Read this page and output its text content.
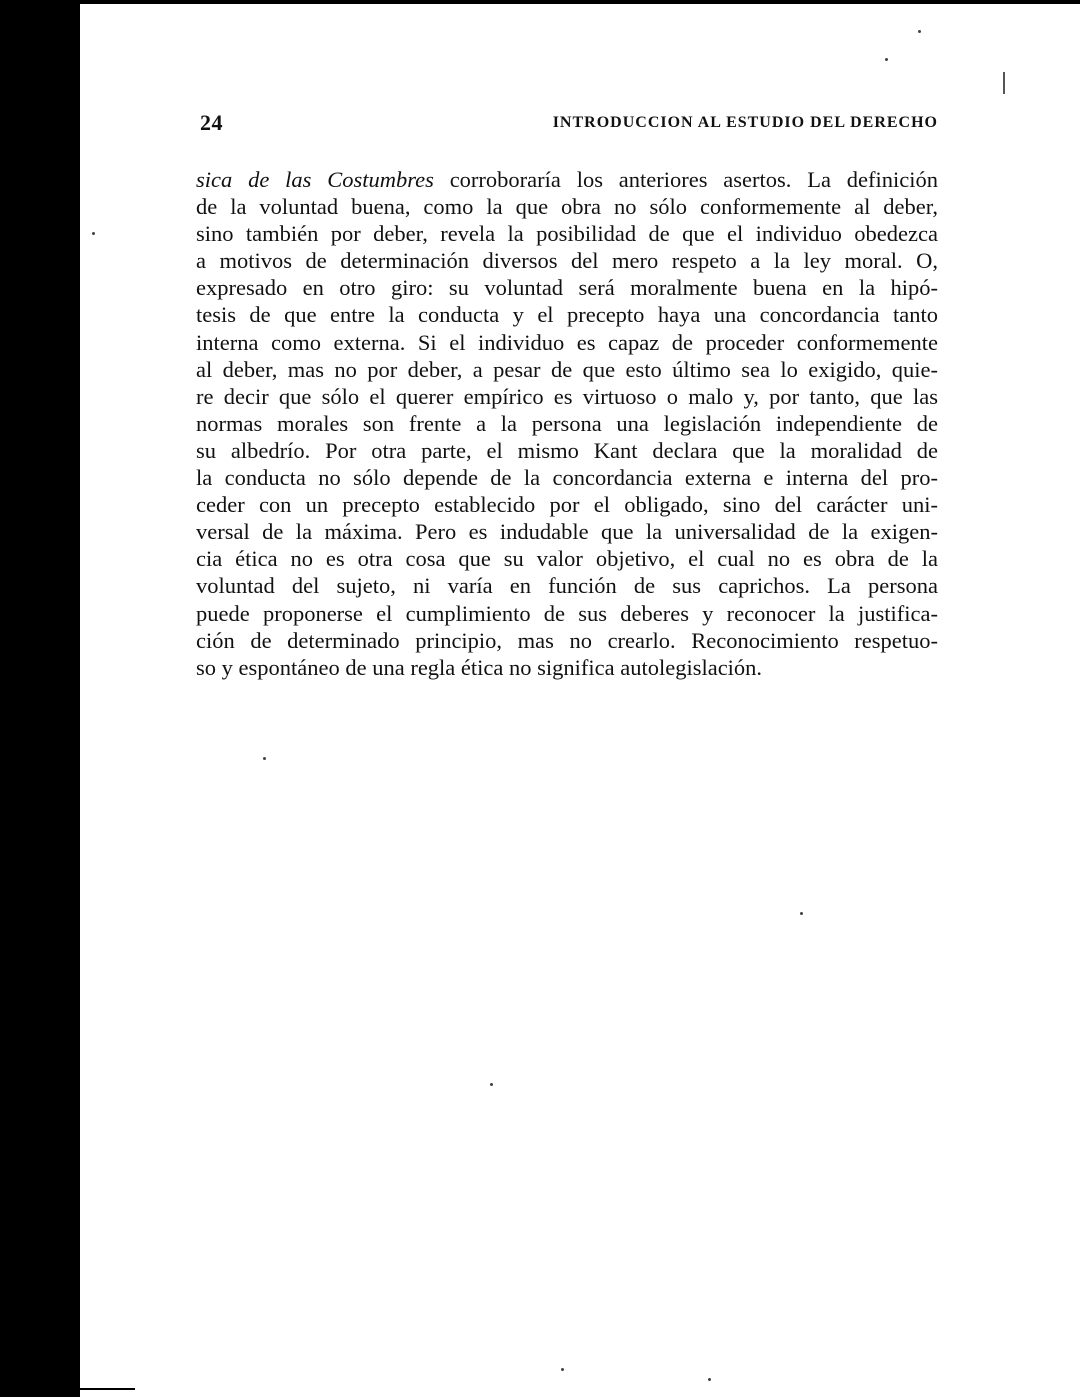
24	INTRODUCCION AL ESTUDIO DEL DERECHO
sica de las Costumbres corroboraría los anteriores asertos. La definición
de la voluntad buena, como la que obra no sólo conformemente al deber,
sino también por deber, revela la posibilidad de que el individuo obedezca
a motivos de determinación diversos del mero respeto a la ley moral. O,
expresado en otro giro: su voluntad será moralmente buena en la hipó-
tesis de que entre la conducta y el precepto haya una concordancia tanto
interna como externa. Si el individuo es capaz de proceder conformemente
al deber, mas no por deber, a pesar de que esto último sea lo exigido, quie-
re decir que sólo el querer empírico es virtuoso o malo y, por tanto, que las
normas morales son frente a la persona una legislación independiente de
su albedrío. Por otra parte, el mismo Kant declara que la moralidad de
la conducta no sólo depende de la concordancia externa e interna del pro-
ceder con un precepto establecido por el obligado, sino del carácter uni-
versal de la máxima. Pero es indudable que la universalidad de la exigen-
cia ética no es otra cosa que su valor objetivo, el cual no es obra de la
voluntad del sujeto, ni varía en función de sus caprichos. La persona
puede proponerse el cumplimiento de sus deberes y reconocer la justifica-
ción de determinado principio, mas no crearlo. Reconocimiento respetuo-
so y espontáneo de una regla ética no significa autolegislación.
